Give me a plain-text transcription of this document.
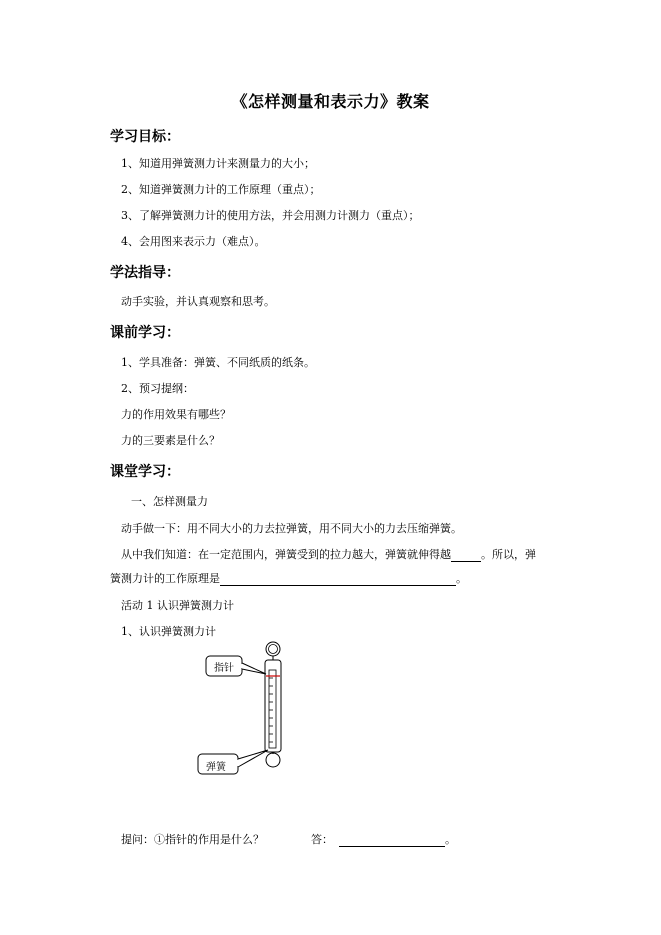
《怎样测量和表示力》教案
学习目标：
1、知道用弹簧测力计来测量力的大小；
2、知道弹簧测力计的工作原理（重点）；
3、了解弹簧测力计的使用方法，并会用测力计测力（重点）；
4、会用图来表示力（难点）。
学法指导：
动手实验，并认真观察和思考。
课前学习：
1、学具准备：弹簧、不同纸质的纸条。
2、预习提纲：
力的作用效果有哪些？
力的三要素是什么？
课堂学习：
一、怎样测量力
动手做一下：用不同大小的力去拉弹簧，用不同大小的力去压缩弹簧。
从中我们知道：在一定范围内，弹簧受到的拉力越大，弹簧就伸得越	。所以，弹
簧测力计的工作原理是	。
活动 1 认识弹簧测力计
1、认识弹簧测力计
指针
弹簧
提问：①指针的作用是什么？	答：	。
